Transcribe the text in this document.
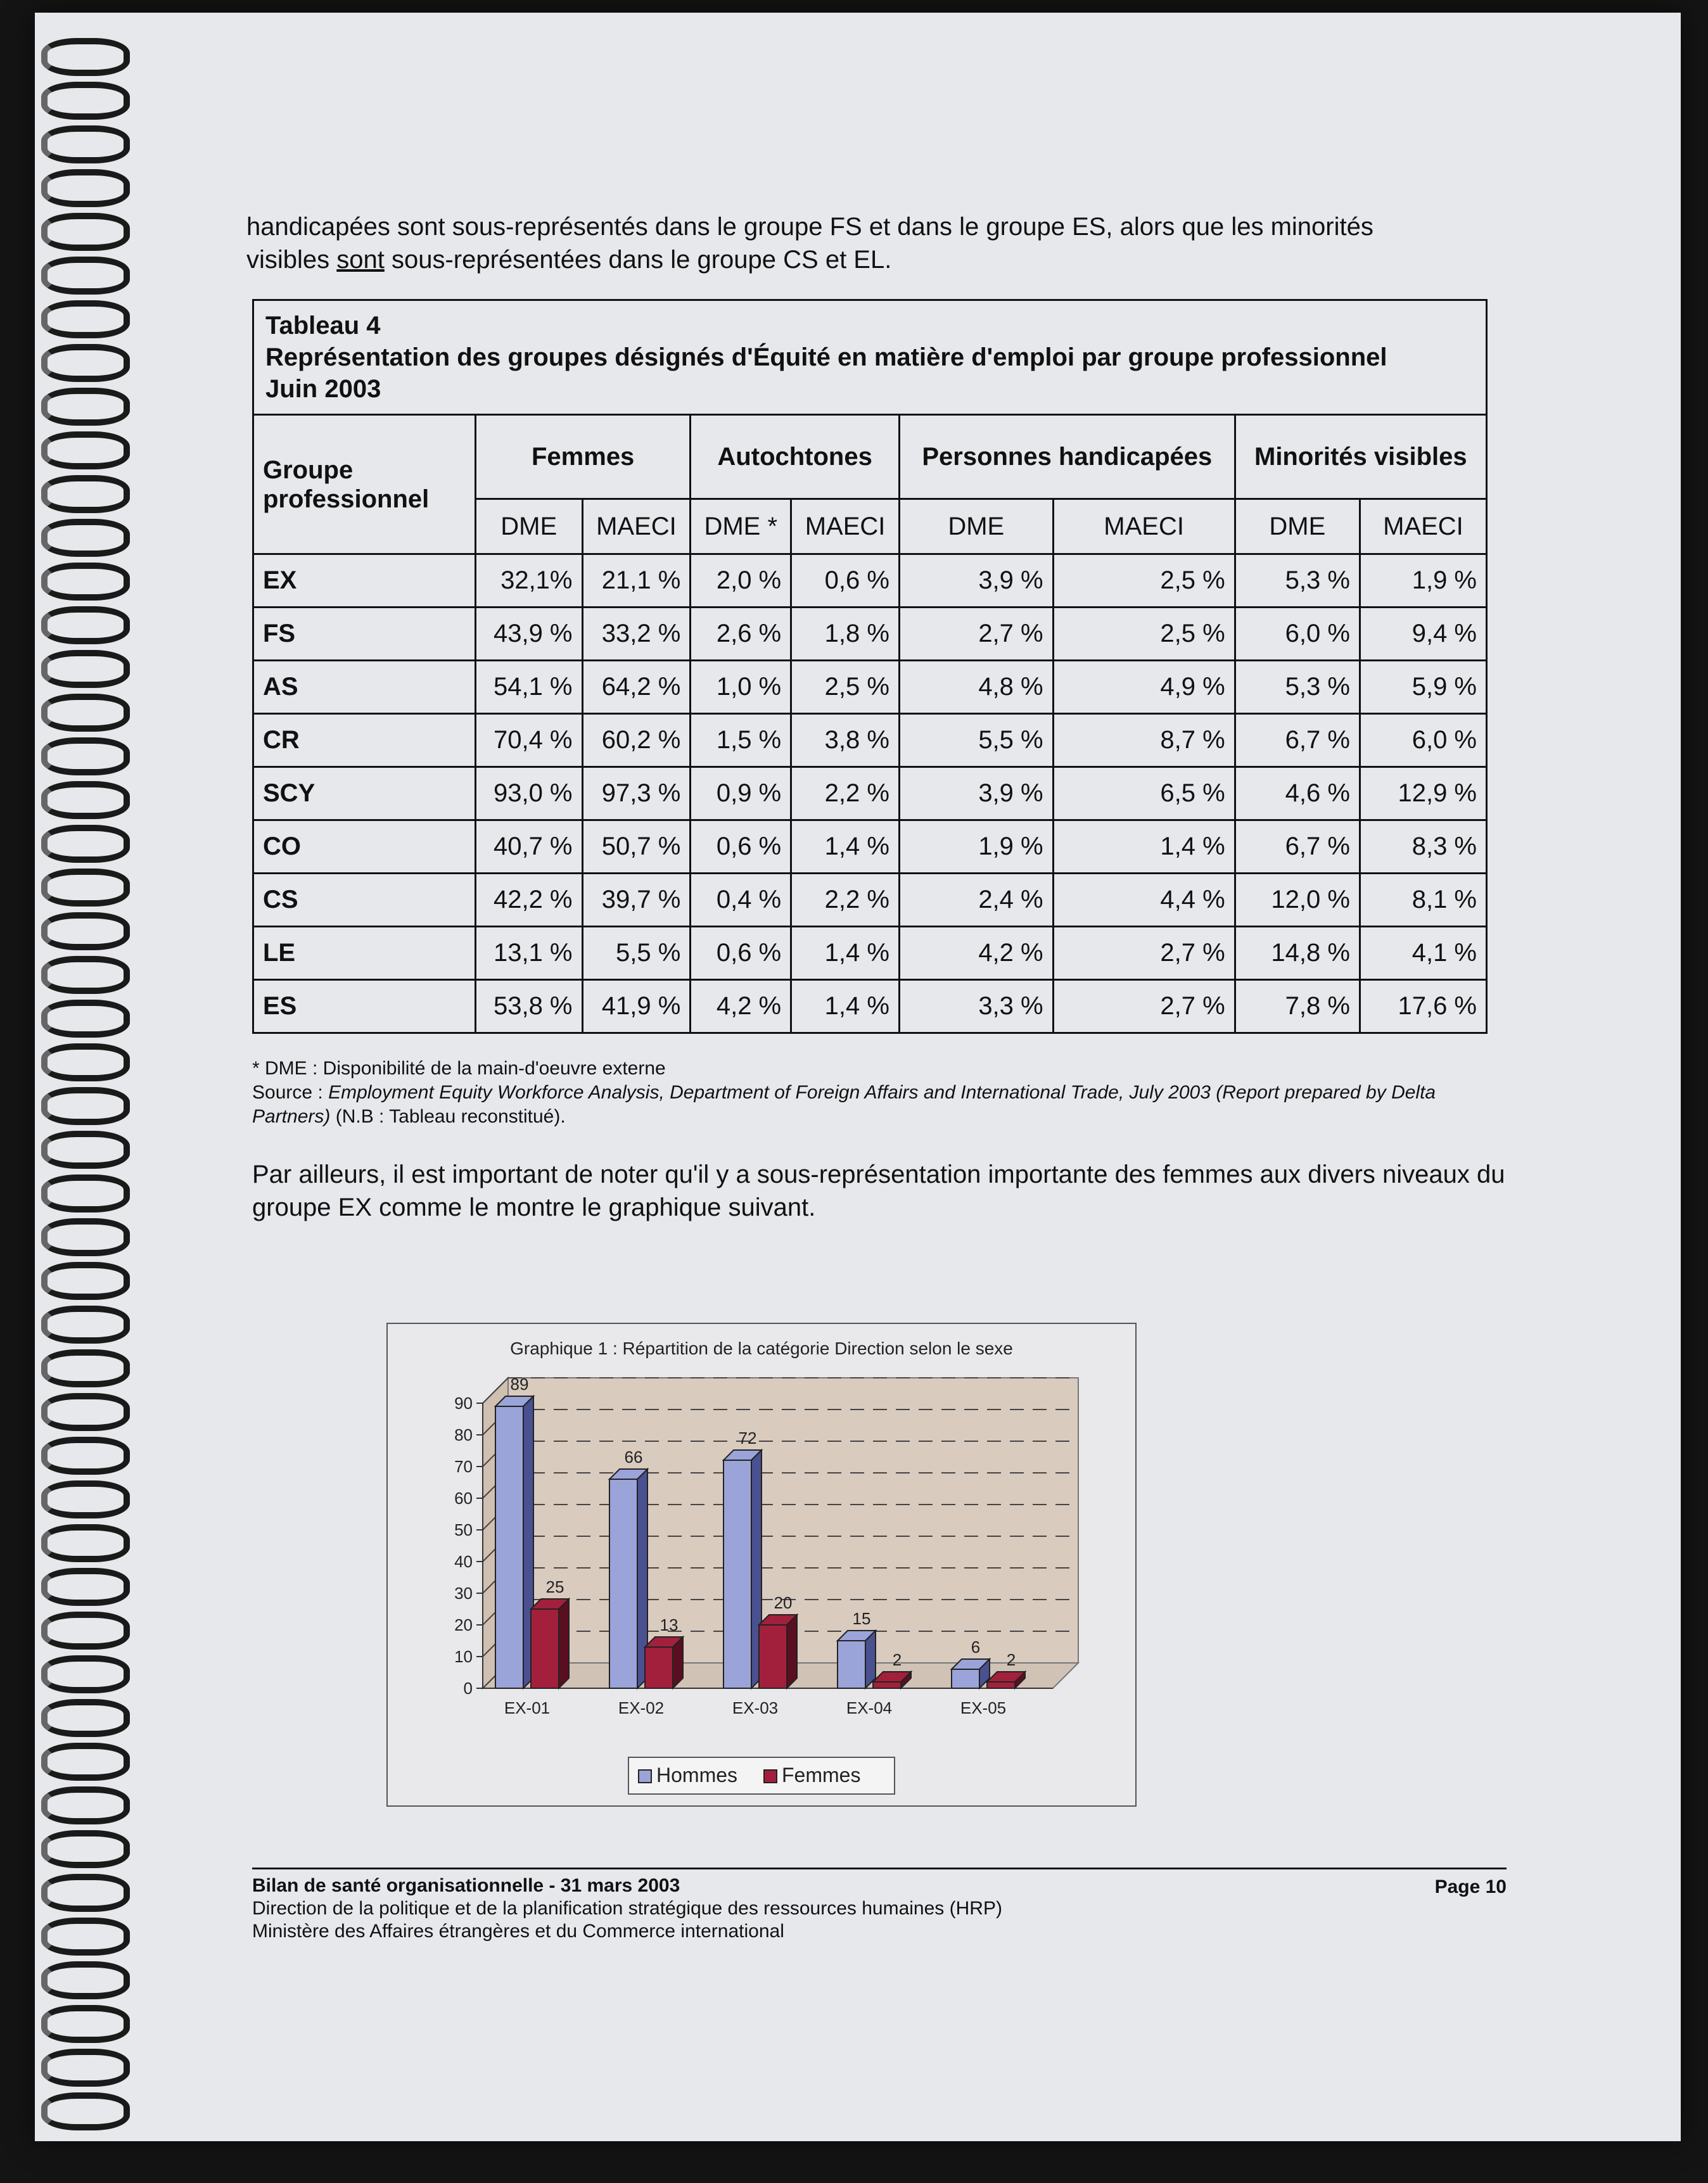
handicapées sont sous-représentés dans le groupe FS et dans le groupe ES, alors que les minorités
visibles sont sous-représentées dans le groupe CS et EL.
Tableau 4
Représentation des groupes désignés d'Équité en matière d'emploi par groupe professionnel
Juin 2003								

Groupe professionnel	Femmes		Autochtones		Personnes handicapées		Minorités visibles	
	DME	MAECI	DME *	MAECI	DME	MAECI	DME	MAECI
EX	32,1%	21,1 %	2,0 %	0,6 %	3,9 %	2,5 %	5,3 %	1,9 %
FS	43,9 %	33,2 %	2,6 %	1,8 %	2,7 %	2,5 %	6,0 %	9,4 %
AS	54,1 %	64,2 %	1,0 %	2,5 %	4,8 %	4,9 %	5,3 %	5,9 %
CR	70,4 %	60,2 %	1,5 %	3,8 %	5,5 %	8,7 %	6,7 %	6,0 %
SCY	93,0 %	97,3 %	0,9 %	2,2 %	3,9 %	6,5 %	4,6 %	12,9 %
CO	40,7 %	50,7 %	0,6 %	1,4 %	1,9 %	1,4 %	6,7 %	8,3 %
CS	42,2 %	39,7 %	0,4 %	2,2 %	2,4 %	4,4 %	12,0 %	8,1 %
LE	13,1 %	5,5 %	0,6 %	1,4 %	4,2 %	2,7 %	14,8 %	4,1 %
ES	53,8 %	41,9 %	4,2 %	1,4 %	3,3 %	2,7 %	7,8 %	17,6 %
* DME : Disponibilité de la main-d'oeuvre externe
Source : Employment Equity Workforce Analysis, Department of Foreign Affairs and International Trade, July 2003 (Report prepared by Delta Partners) (N.B : Tableau reconstitué).
Par ailleurs, il est important de noter qu'il y a sous-représentation importante des femmes aux divers niveaux du groupe EX comme le montre le graphique suivant.
Graphique 1 : Répartition de la catégorie Direction selon le sexe
0
10
20
30
40
50
60
70
80
90
89
25
EX-01
66
13
EX-02
72
20
EX-03
15
2
EX-04
6
2
EX-05
Hommes Femmes
Bilan de santé organisationnelle - 31 mars 2003
Direction de la politique et de la planification stratégique des ressources humaines (HRP)
Ministère des Affaires étrangères et du Commerce international
Page 10
